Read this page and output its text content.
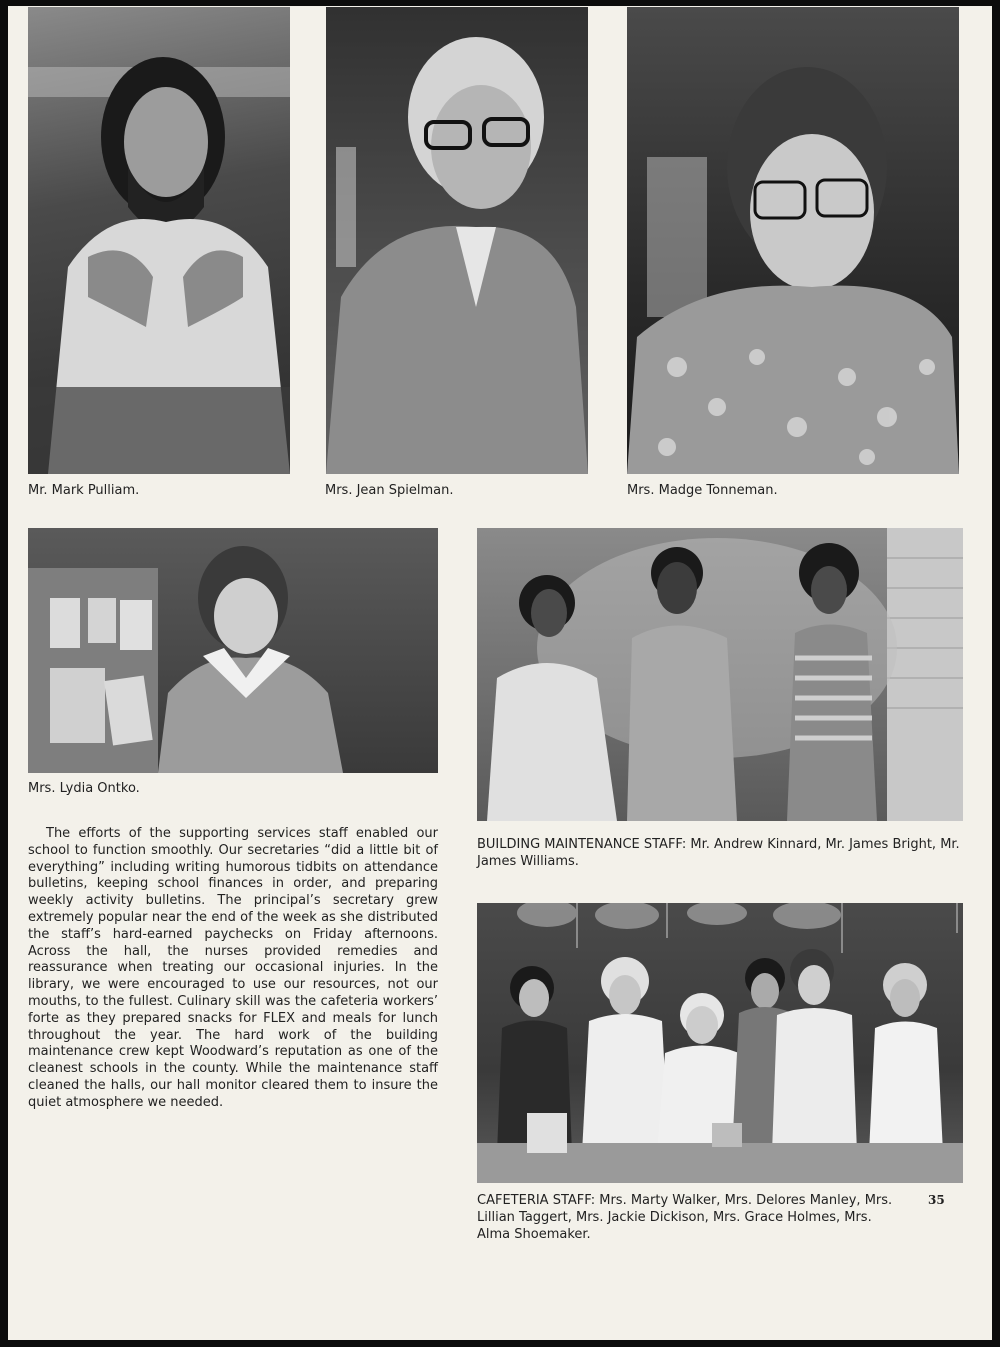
Mr. Mark Pulliam.	Mrs. Jean Spielman.	Mrs. Madge Tonneman.

Mrs. Lydia Ontko.

BUILDING MAINTENANCE STAFF: Mr. Andrew Kinnard, Mr. James Bright, Mr. James Williams.

The efforts of the supporting services staff enabled our school to function smoothly. Our secretaries “did a little bit of everything” including writing humorous tidbits on attendance bulletins, keeping school finances in order, and preparing weekly activity bulletins. The principal’s secretary grew extremely popular near the end of the week as she distributed the staff’s hard-earned paychecks on Friday afternoons. Across the hall, the nurses provided remedies and reassurance when treating our occasional injuries. In the library, we were encouraged to use our resources, not our mouths, to the fullest. Culinary skill was the cafeteria workers’ forte as they prepared snacks for FLEX and meals for lunch throughout the year. The hard work of the building maintenance crew kept Woodward’s reputation as one of the cleanest schools in the county. While the maintenance staff cleaned the halls, our hall monitor cleared them to insure the quiet atmosphere we needed.

CAFETERIA STAFF: Mrs. Marty Walker, Mrs. Delores Manley, Mrs. Lillian Taggert, Mrs. Jackie Dickison, Mrs. Grace Holmes, Mrs. Alma Shoemaker.

35
